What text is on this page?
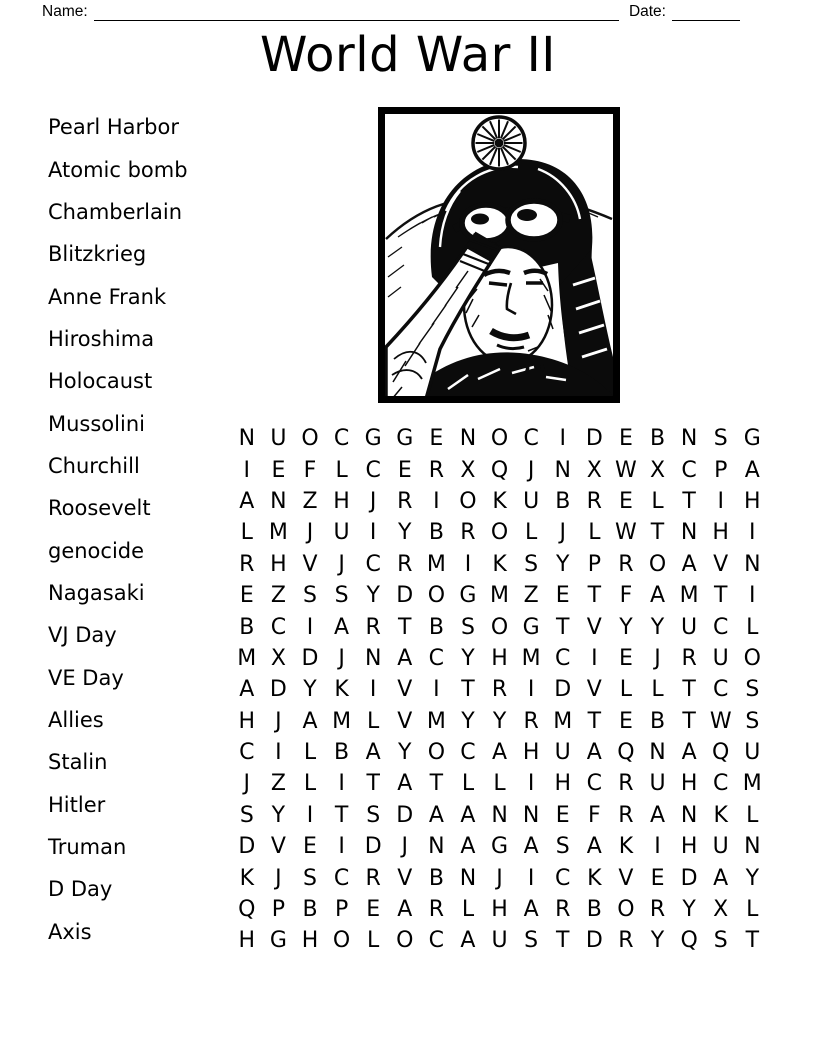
Name:	Date:
World War II
Pearl Harbor
Atomic bomb
Chamberlain
Blitzkrieg
Anne Frank
Hiroshima
Holocaust
Mussolini
Churchill
Roosevelt
genocide
Nagasaki
VJ Day
VE Day
Allies
Stalin
Hitler
Truman
D Day
Axis
N U O C G G E N O C I D E B N S G
I E F L C E R X Q J N X W X C P A
A N Z H J R I O K U B R E L T I H
L M J U I Y B R O L	J	L W T N H I
R H V J C R M I K S Y P R O A V N
E Z S S Y D O G M Z E T F A M T I
B C I A R T B S O G T V Y Y U C L
M X D J N A C Y H M C I E J R U O
A D Y K I V I T R I D V L L T C S
H J A M L V M Y Y R M T E B T W S
C I	L B A Y O C A H U A Q N A Q U
J Z L	I T A T L L	I H C R U H C M
S Y I T S D A A N N E F R A N K L
D V E I D J N A G A S A K I H U N
K J S C R V B N J	I C K V E D A Y
Q P B P E A R L H A R B O R Y X L
H G H O L O C A U S T D R Y Q S T
